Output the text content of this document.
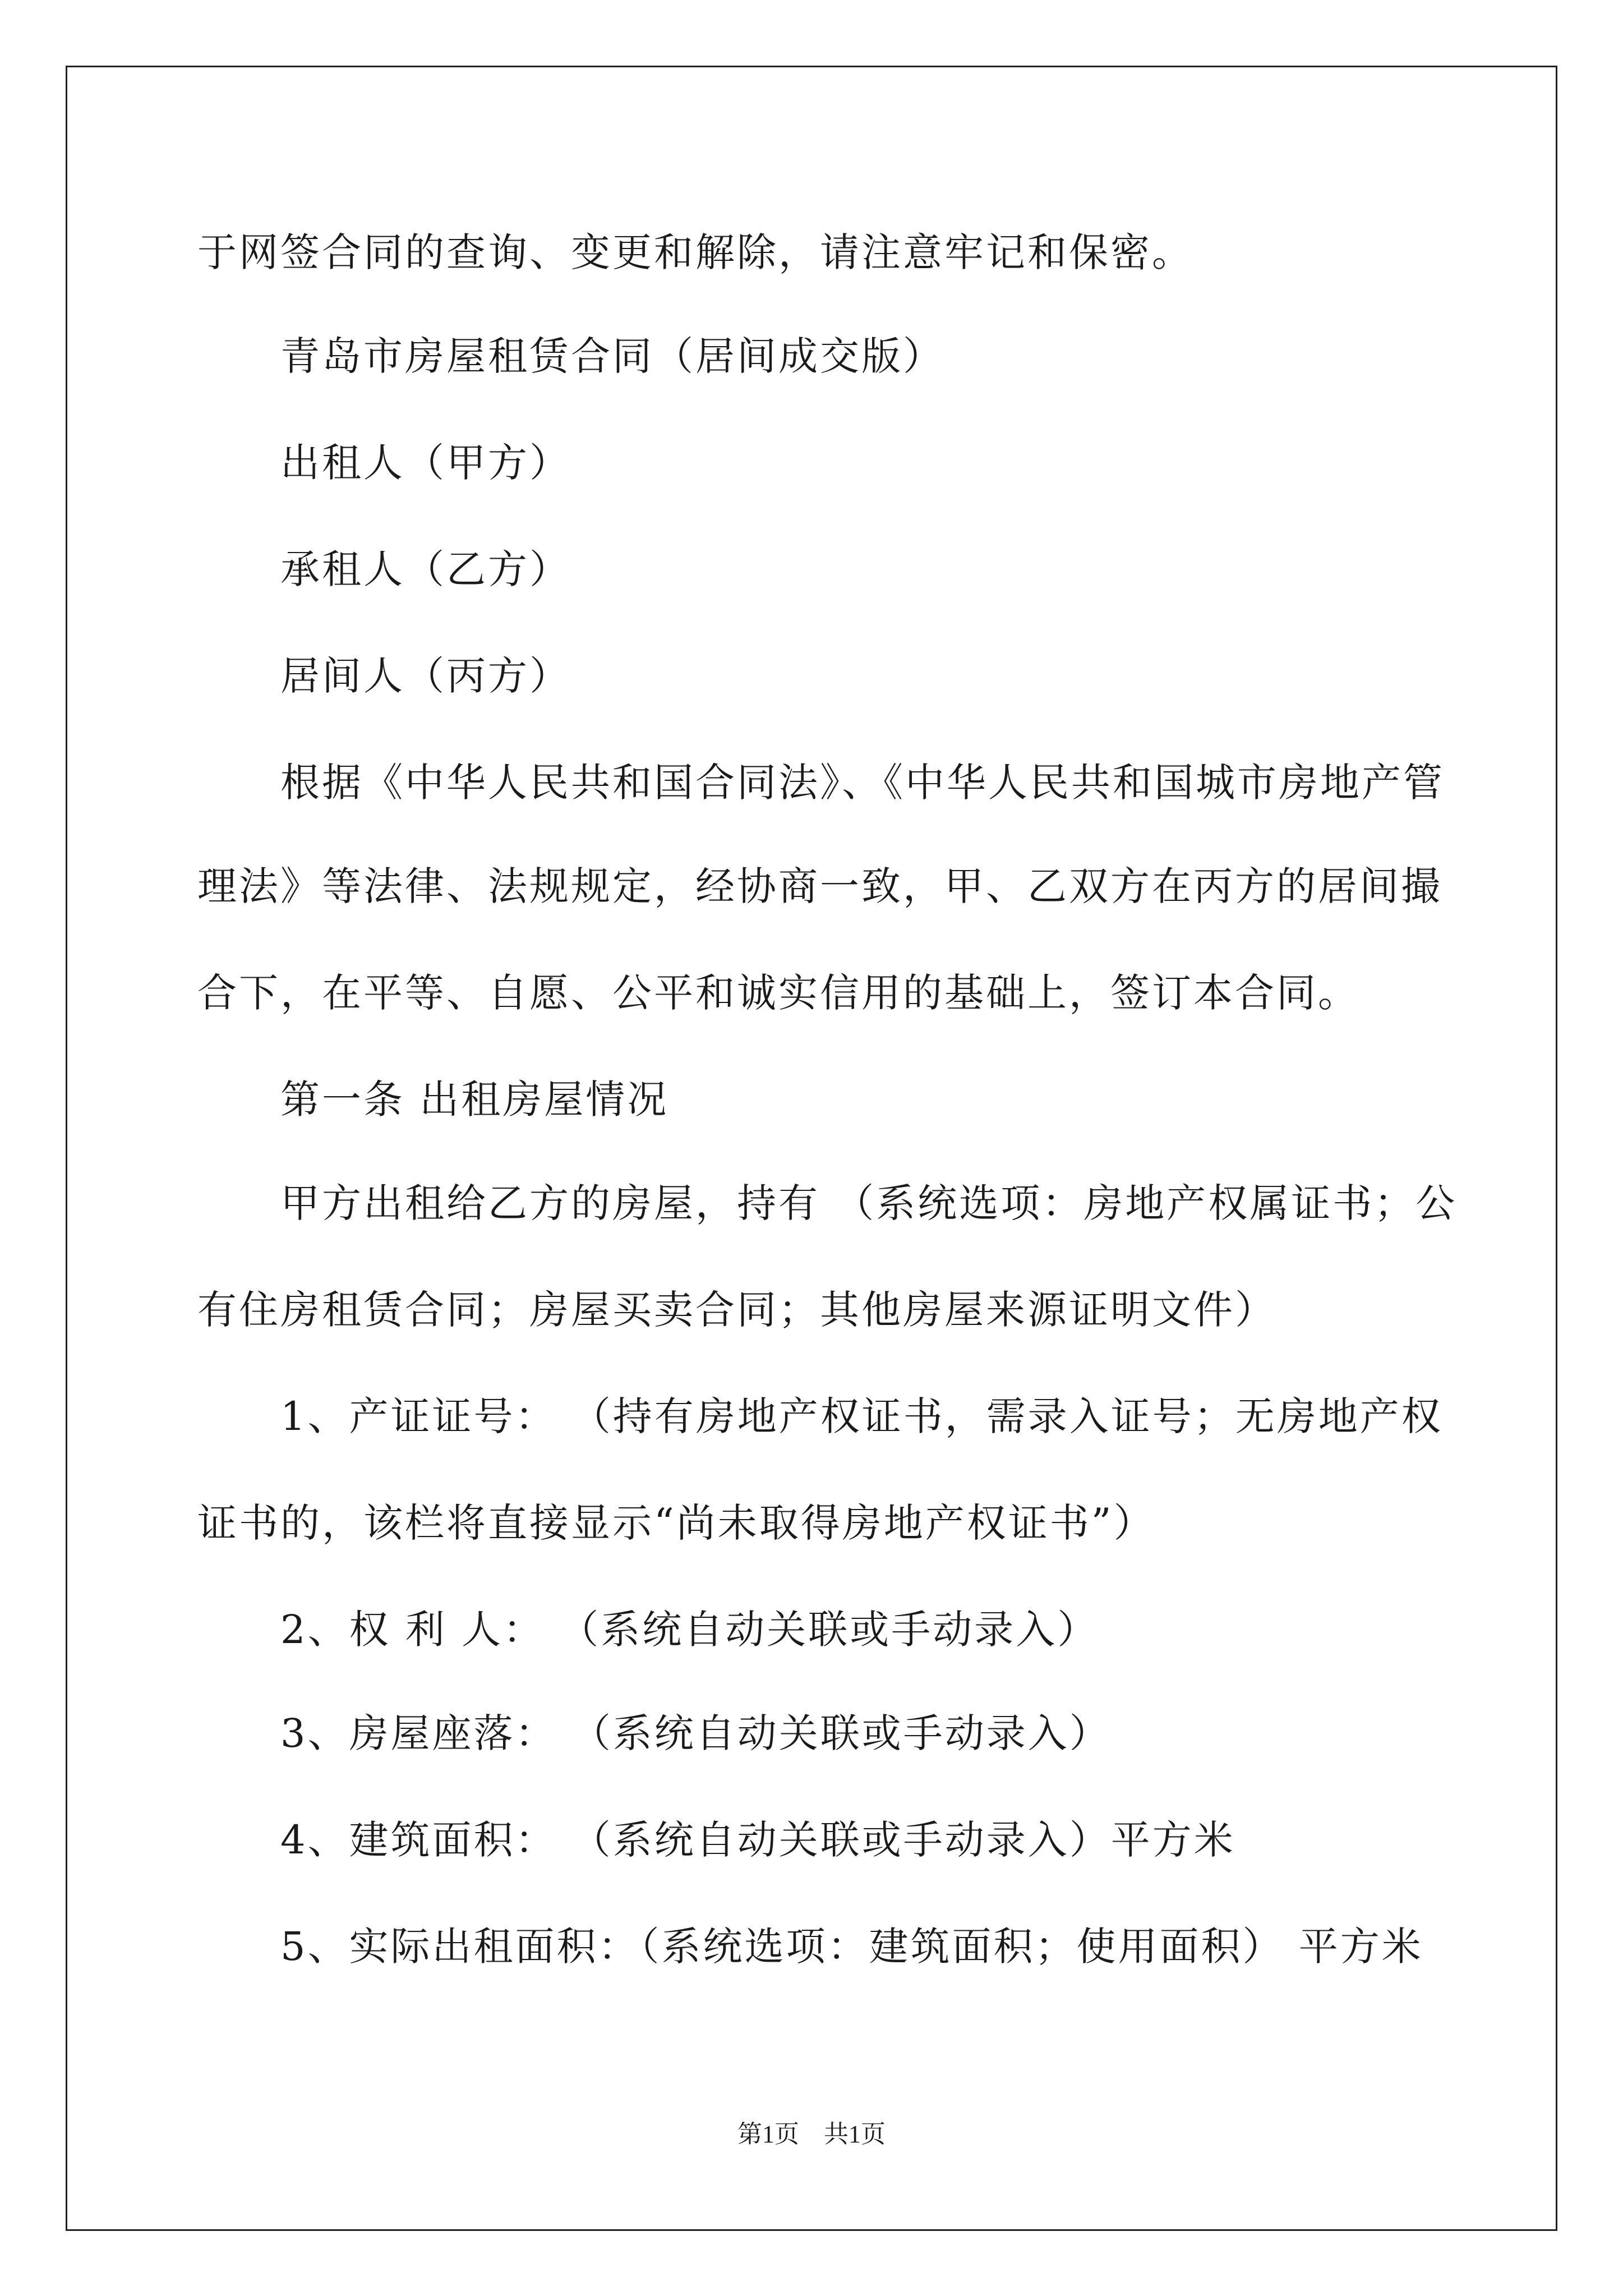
于网签合同的查询、变更和解除，请注意牢记和保密。
青岛市房屋租赁合同（居间成交版）
出租人（甲方）
承租人（乙方）
居间人（丙方）
根据《中华人民共和国合同法》、《中华人民共和国城市房地产管
理法》等法律、法规规定，经协商一致，甲、乙双方在丙方的居间撮
合下，在平等、自愿、公平和诚实信用的基础上，签订本合同。
第一条 出租房屋情况
甲方出租给乙方的房屋，持有 （系统选项：房地产权属证书；公
有住房租赁合同；房屋买卖合同；其他房屋来源证明文件）
1、产证证号： （持有房地产权证书，需录入证号；无房地产权
证书的，该栏将直接显示“尚未取得房地产权证书”）
2、权 利 人： （系统自动关联或手动录入）
3、房屋座落： （系统自动关联或手动录入）
4、建筑面积： （系统自动关联或手动录入）平方米
5、实际出租面积：（系统选项：建筑面积；使用面积） 平方米
第1页　共1页
